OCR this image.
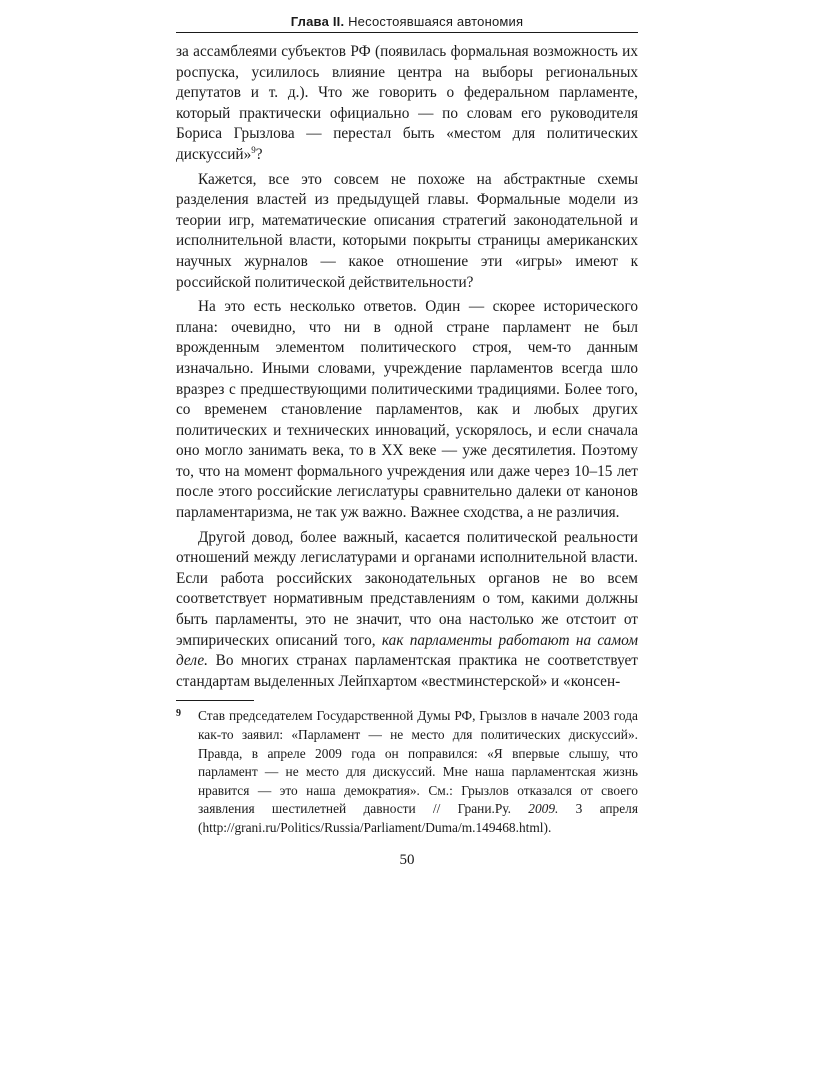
Глава II. Несостоявшаяся автономия

за ассамблеями субъектов РФ (появилась формальная возможность их роспуска, усилилось влияние центра на выборы региональных депутатов и т. д.). Что же говорить о федеральном парламенте, который практически официально — по словам его руководителя Бориса Грызлова — перестал быть «местом для политических дискуссий»$^9$?

Кажется, все это совсем не похоже на абстрактные схемы разделения властей из предыдущей главы. Формальные модели из теории игр, математические описания стратегий законодательной и исполнительной власти, которыми покрыты страницы американских научных журналов — какое отношение эти «игры» имеют к российской политической действительности?

На это есть несколько ответов. Один — скорее исторического плана: очевидно, что ни в одной стране парламент не был врожденным элементом политического строя, чем-то данным изначально. Иными словами, учреждение парламентов всегда шло вразрез с предшествующими политическими традициями. Более того, со временем становление парламентов, как и любых других политических и технических инноваций, ускорялось, и если сначала оно могло занимать века, то в XX веке — уже десятилетия. Поэтому то, что на момент формального учреждения или даже через 10–15 лет после этого российские легислатуры сравнительно далеки от канонов парламентаризма, не так уж важно. Важнее сходства, а не различия.

Другой довод, более важный, касается политической реальности отношений между легислатурами и органами исполнительной власти. Если работа российских законодательных органов не во всем соответствует нормативным представлениям о том, какими должны быть парламенты, это не значит, что она настолько же отстоит от эмпирических описаний того, как парламенты работают на самом деле. Во многих странах парламентская практика не соответствует стандартам выделенных Лейпхартом «вестминстерской» и «консен-

9	Став председателем Государственной Думы РФ, Грызлов в начале 2003 года как-то заявил: «Парламент — не место для политических дискуссий». Правда, в апреле 2009 года он поправился: «Я впервые слышу, что парламент — не место для дискуссий. Мне наша парламентская жизнь нравится — это наша демократия». См.: Грызлов отказался от своего заявления шестилетней давности // Грани.Ру. 2009. 3 апреля (http://grani.ru/Politics/Russia/Parliament/Duma/m.149468.html).
50
